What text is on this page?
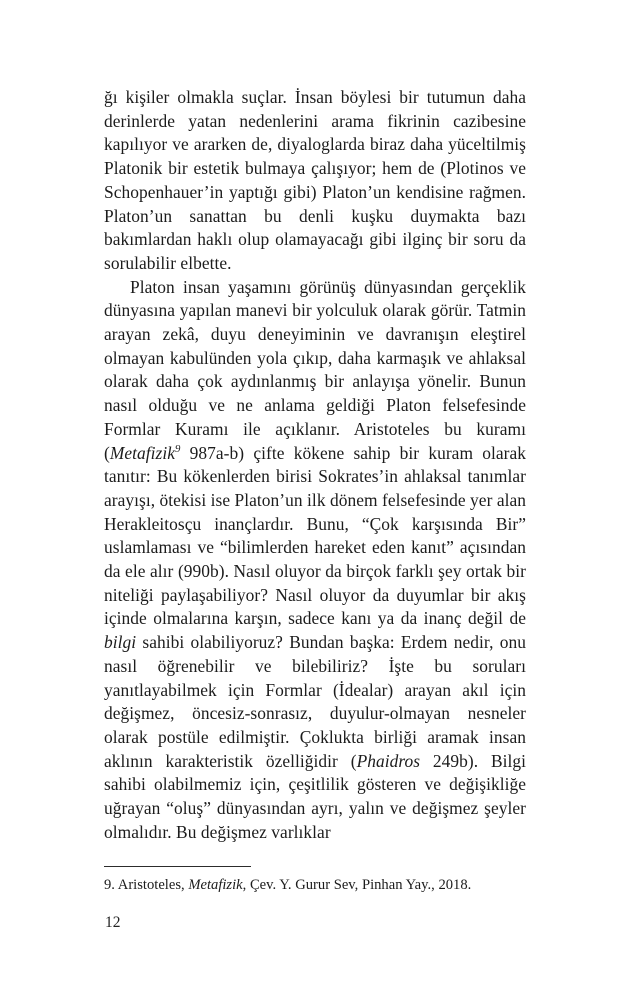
ğı kişiler olmakla suçlar. İnsan böylesi bir tutumun daha derinlerde yatan nedenlerini arama fikrinin cazibesine kapılıyor ve ararken de, diyaloglarda biraz daha yüceltilmiş Platonik bir estetik bulmaya çalışıyor; hem de (Plotinos ve Schopenhauer’in yaptığı gibi) Platon’un kendisine rağmen. Platon’un sanattan bu denli kuşku duymakta bazı bakımlardan haklı olup olamayacağı gibi ilginç bir soru da sorulabilir elbette.

Platon insan yaşamını görünüş dünyasından gerçeklik dünyasına yapılan manevi bir yolculuk olarak görür. Tatmin arayan zekâ, duyu deneyiminin ve davranışın eleştirel olmayan kabulünden yola çıkıp, daha karmaşık ve ahlaksal olarak daha çok aydınlanmış bir anlayışa yönelir. Bunun nasıl olduğu ve ne anlama geldiği Platon felsefesinde Formlar Kuramı ile açıklanır. Aristoteles bu kuramı (Metafizik$^9$ 987a-b) çifte kökene sahip bir kuram olarak tanıtır: Bu kökenlerden birisi Sokrates’in ahlaksal tanımlar arayışı, ötekisi ise Platon’un ilk dönem felsefesinde yer alan Herakleitosçu inançlardır. Bunu, “Çok karşısında Bir” uslamlaması ve “bilimlerden hareket eden kanıt” açısından da ele alır (990b). Nasıl oluyor da birçok farklı şey ortak bir niteliği paylaşabiliyor? Nasıl oluyor da duyumlar bir akış içinde olmalarına karşın, sadece kanı ya da inanç değil de bilgi sahibi olabiliyoruz? Bundan başka: Erdem nedir, onu nasıl öğrenebilir ve bilebiliriz? İşte bu soruları yanıtlayabilmek için Formlar (İdealar) arayan akıl için değişmez, öncesiz-sonrasız, duyulur-olmayan nesneler olarak postüle edilmiştir. Çoklukta birliği aramak insan aklının karakteristik özelliğidir (Phaidros 249b). Bilgi sahibi olabilmemiz için, çeşitlilik gösteren ve değişikliğe uğrayan “oluş” dünyasından ayrı, yalın ve değişmez şeyler olmalıdır. Bu değişmez varlıklar

9. Aristoteles, Metafizik, Çev. Y. Gurur Sev, Pinhan Yay., 2018.

12
